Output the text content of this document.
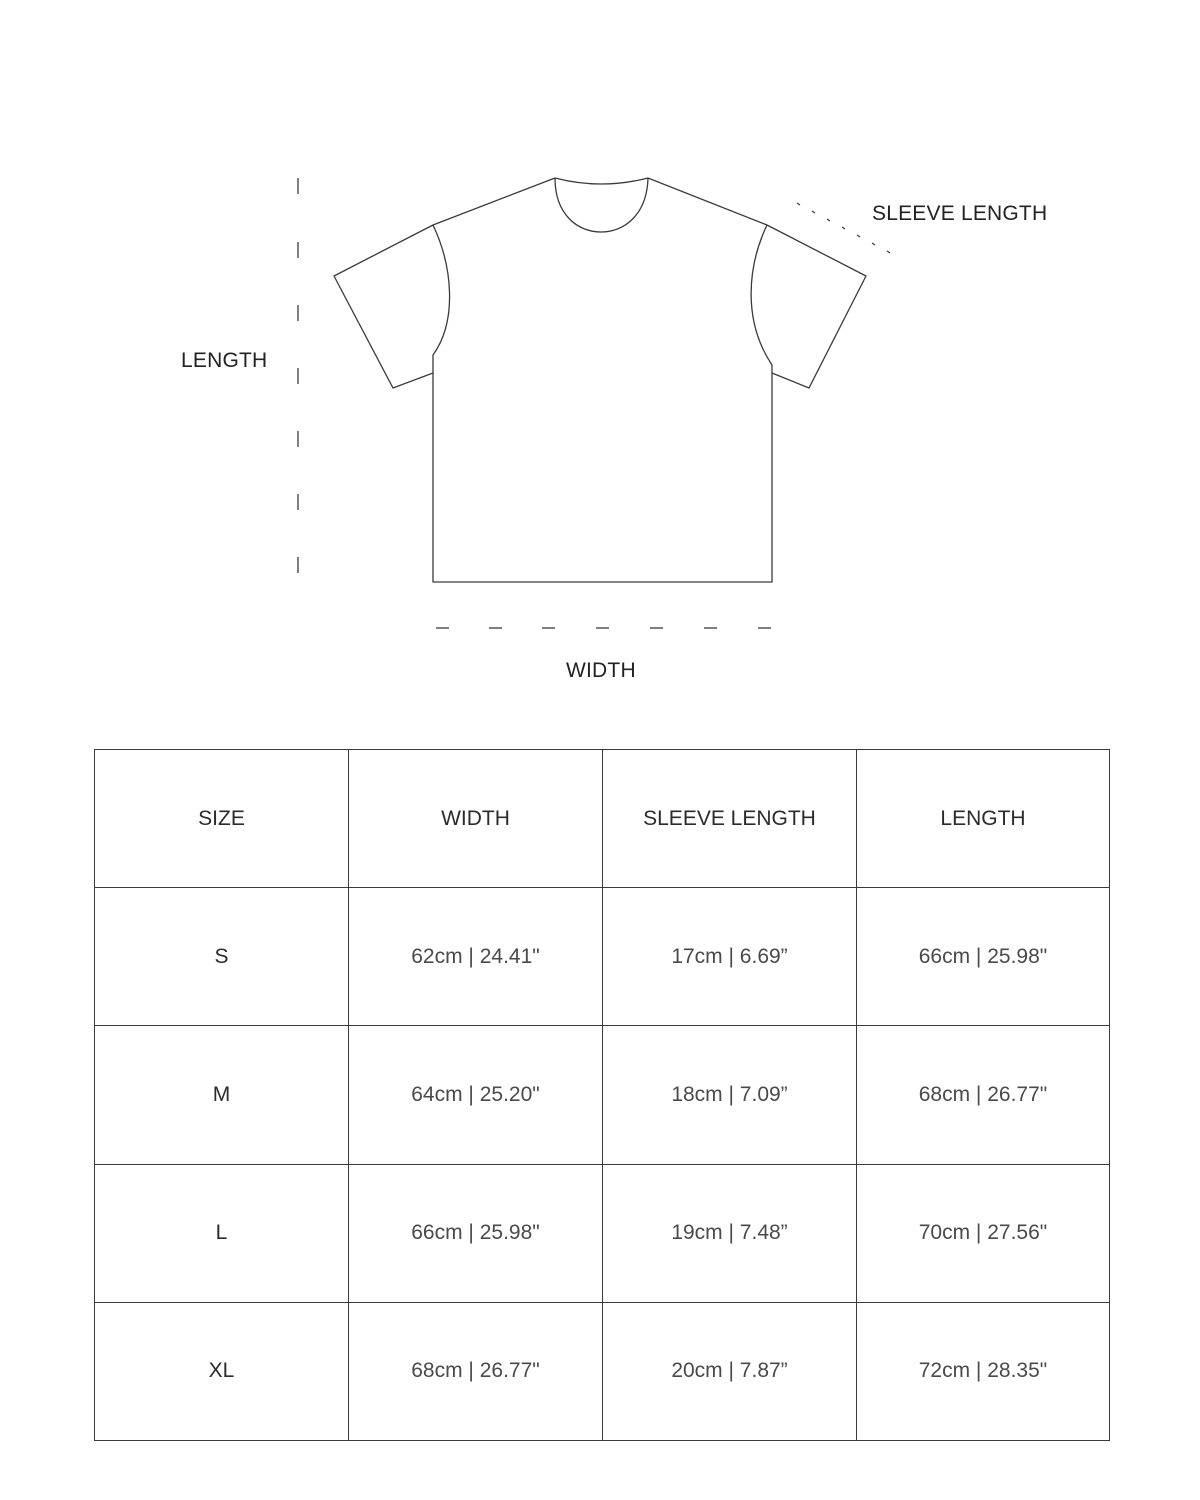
LENGTH
SLEEVE LENGTH
WIDTH
SIZE	WIDTH	SLEEVE LENGTH	LENGTH
S	62cm | 24.41"	17cm | 6.69”	66cm | 25.98"
M	64cm | 25.20"	18cm | 7.09”	68cm | 26.77"
L	66cm | 25.98"	19cm | 7.48”	70cm | 27.56"
XL	68cm | 26.77"	20cm | 7.87”	72cm | 28.35"
